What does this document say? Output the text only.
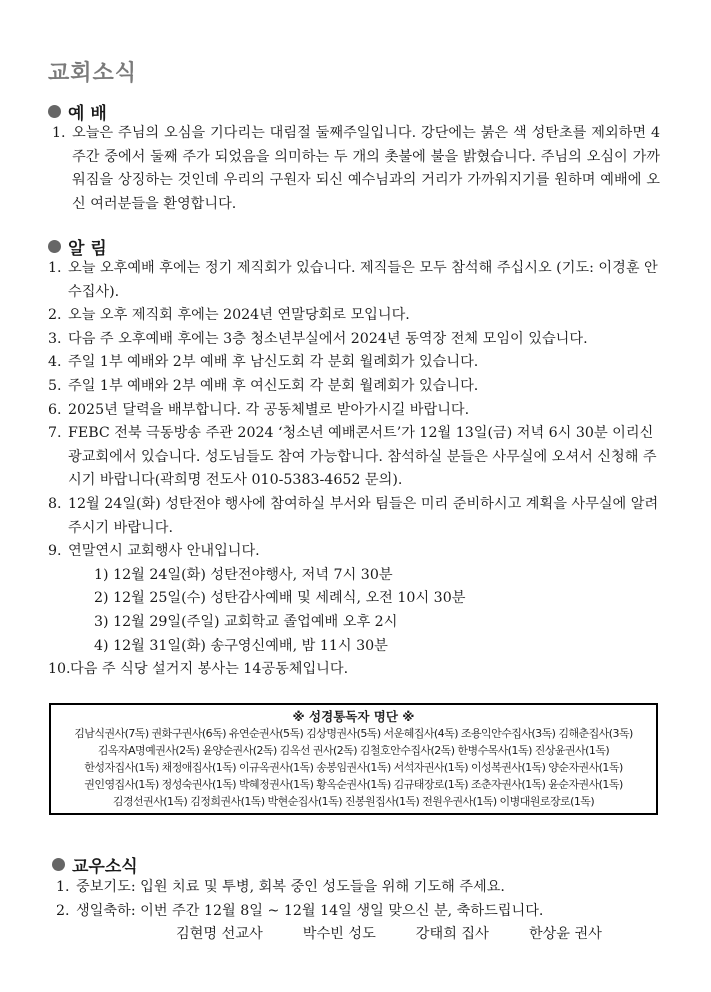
교회소식
예 배
1. 오늘은 주님의 오심을 기다리는 대림절 둘째주일입니다. 강단에는 붉은 색 성탄초를 제외하면 4주간 중에서 둘째 주가 되었음을 의미하는 두 개의 촛불에 불을 밝혔습니다. 주님의 오심이 가까워짐을 상징하는 것인데 우리의 구원자 되신 예수님과의 거리가 가까워지기를 원하며 예배에 오신 여러분들을 환영합니다.
알 림
1. 오늘 오후예배 후에는 정기 제직회가 있습니다. 제직들은 모두 참석해 주십시오 (기도: 이경훈 안수집사).
2. 오늘 오후 제직회 후에는 2024년 연말당회로 모입니다.
3. 다음 주 오후예배 후에는 3층 청소년부실에서 2024년 동역장 전체 모임이 있습니다.
4. 주일 1부 예배와 2부 예배 후 남신도회 각 분회 월례회가 있습니다.
5. 주일 1부 예배와 2부 예배 후 여신도회 각 분회 월례회가 있습니다.
6. 2025년 달력을 배부합니다. 각 공동체별로 받아가시길 바랍니다.
7. FEBC 전북 극동방송 주관 2024 ‘청소년 예배콘서트’가 12월 13일(금) 저녁 6시 30분 이리신광교회에서 있습니다. 성도님들도 참여 가능합니다. 참석하실 분들은 사무실에 오셔서 신청해 주시기 바랍니다(곽희명 전도사 010-5383-4652 문의).
8. 12월 24일(화) 성탄전야 행사에 참여하실 부서와 팀들은 미리 준비하시고 계획을 사무실에 알려주시기 바랍니다.
9. 연말연시 교회행사 안내입니다.
1) 12월 24일(화) 성탄전야행사, 저녁 7시 30분
2) 12월 25일(수) 성탄감사예배 및 세례식, 오전 10시 30분
3) 12월 29일(주일) 교회학교 졸업예배 오후 2시
4) 12월 31일(화) 송구영신예배, 밤 11시 30분
10. 다음 주 식당 설거지 봉사는 14공동체입니다.
※ 성경통독자 명단 ※
김남식권사(7독) 권화구권사(6독) 유연순권사(5독) 김상명권사(5독) 서운혜집사(4독) 조용익안수집사(3독) 김해춘집사(3독)
김옥자A명예권사(2독) 윤양순권사(2독) 김옥선 권사(2독) 김철호안수집사(2독) 한병수목사(1독) 진상윤권사(1독)
한성자집사(1독) 채정애집사(1독) 이규옥권사(1독) 송봉임권사(1독) 서석자권사(1독) 이성복권사(1독) 양순자권사(1독)
권인영집사(1독) 정성숙권사(1독) 박혜정권사(1독) 황옥순권사(1독) 김규태장로(1독) 조춘자권사(1독) 윤순자권사(1독)
김경선권사(1독) 김정희권사(1독) 박현순집사(1독) 진봉원집사(1독) 전원우권사(1독) 이병대원로장로(1독)
교우소식
1. 중보기도: 입원 치료 및 투병, 회복 중인 성도들을 위해 기도해 주세요.
2. 생일축하: 이번 주간 12월 8일 ~ 12월 14일 생일 맞으신 분, 축하드립니다.
김현명 선교사	박수빈 성도	강태희 집사	한상윤 권사
